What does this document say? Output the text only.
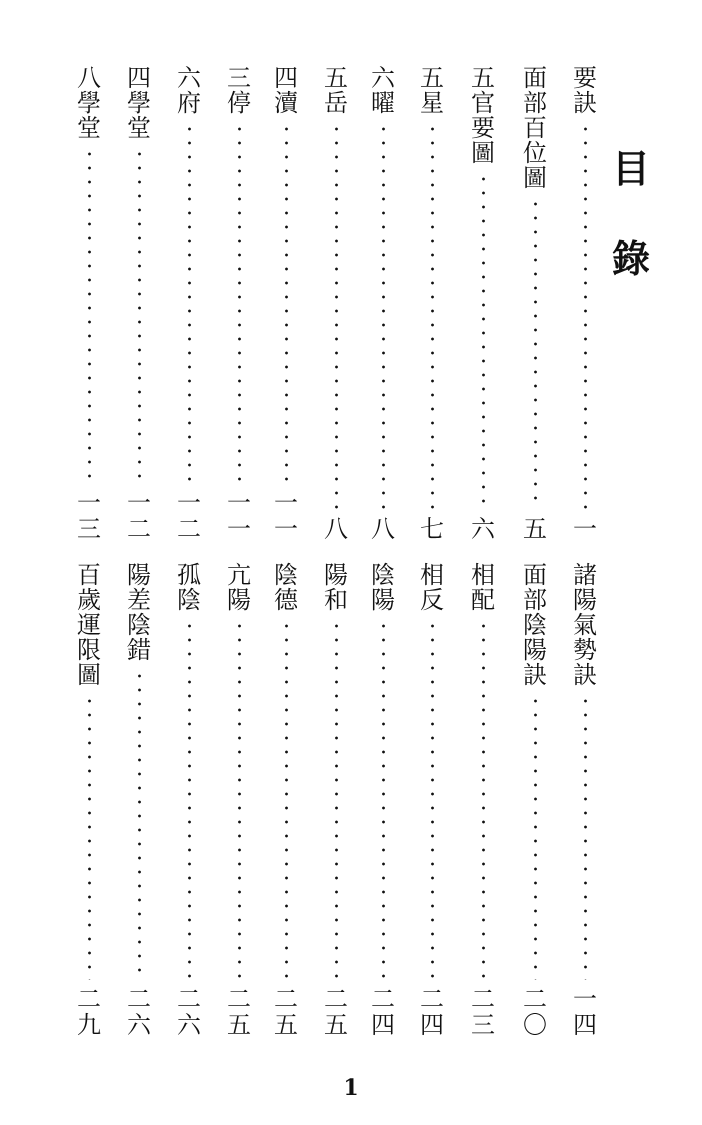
目
錄
要
訣
一
面
部
百
位
圖
五
五
官
要
圖
六
五
星
七
六
曜
八
五
岳
八
四
瀆
一
一
三
停
一
一
六
府
一
二
四
學
堂
一
二
八
學
堂
一
三
諸
陽
氣
勢
訣
一
四
面
部
陰
陽
訣
二
〇
相
配
二
三
相
反
二
四
陰
陽
二
四
陽
和
二
五
陰
德
二
五
亢
陽
二
五
孤
陰
二
六
陽
差
陰
錯
二
六
百
歲
運
限
圖
二
九
1
